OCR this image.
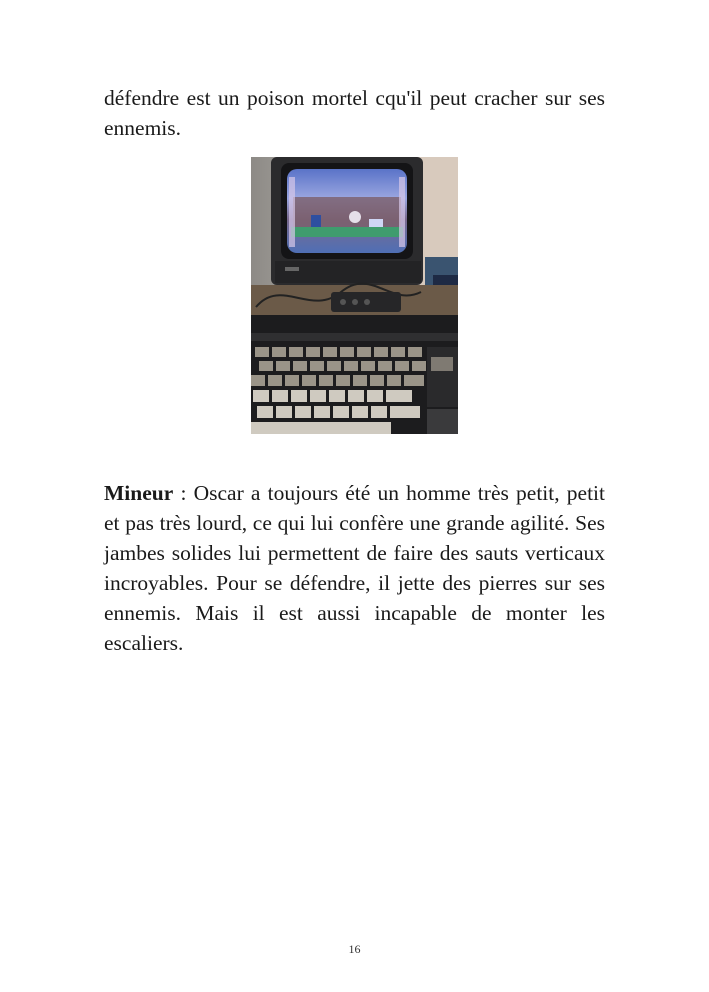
défendre est un poison mortel cqu'il peut cracher sur ses ennemis.

Mineur : Oscar a toujours été un homme très petit, petit et pas très lourd, ce qui lui confère une grande agilité. Ses jambes solides lui permettent de faire des sauts verticaux incroyables. Pour se défendre, il jette des pierres sur ses ennemis. Mais il est aussi incapable de monter les escaliers.

16
